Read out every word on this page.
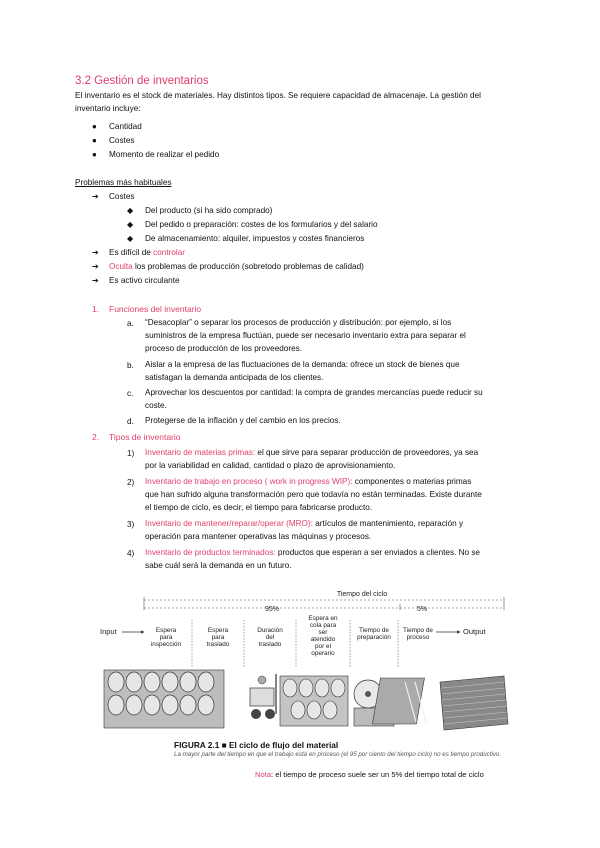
3.2 Gestión de inventarios

El inventario es el stock de materiales. Hay distintos tipos. Se requiere capacidad de almacenaje. La gestión del

inventario incluye:

● Cantidad
● Costes
● Momento de realizar el pedido
Problemas más habituales
➔ Costes
◆ Del producto (si ha sido comprado)
◆ Del pedido o preparación: costes de los formularios y del salario
◆ De almacenamiento: alquiler, impuestos y costes financieros
➔ Es difícil de controlar
➔ Oculta los problemas de producción (sobretodo problemas de calidad)
➔ Es activo circulante
1. Funciones del inventario
a. “Desacoplar” o separar los procesos de producción y distribución: por ejemplo, si los
suministros de la empresa fluctúan, puede ser necesario inventario extra para separar el
proceso de producción de los proveedores.
b. Aislar a la empresa de las fluctuaciones de la demanda: ofrece un stock de bienes que
satisfagan la demanda anticipada de los clientes.
c. Aprovechar los descuentos por cantidad: la compra de grandes mercancías puede reducir su
coste.
d. Protegerse de la inflación y del cambio en los precios.
2. Tipos de inventario
1) Inventario de materias primas: el que sirve para separar producción de proveedores, ya sea
por la variabilidad en calidad, cantidad o plazo de aprovisionamiento.
2) Inventario de trabajo en proceso ( work in progress WIP): componentes o materias primas
que han sufrido alguna transformación pero que todavía no están terminadas. Existe durante
el tiempo de ciclo, es decir, el tiempo para fabricarse producto.
3) Inventario de mantener/reparar/operar (MRO): artículos de mantenimiento, reparación y
operación para mantener operativas las máquinas y procesos.
4) Inventario de productos terminados: productos que esperan a ser enviados a clientes. No se
sabe cuál será la demanda en un futuro.
Tiempo del ciclo
95%	5%
Input	Output
Espera para inspección
Espera para traslado
Duración del traslado
Espera en cola para ser atendido por el operario
Tiempo de preparación
Tiempo de proceso
FIGURA 2.1 ■ El ciclo de flujo del material
La mayor parte del tiempo en que el trabajo está en proceso (el 95 por ciento del tiempo ciclo) no es tiempo productivo.
Nota: el tiempo de proceso suele ser un 5% del tiempo total de ciclo
